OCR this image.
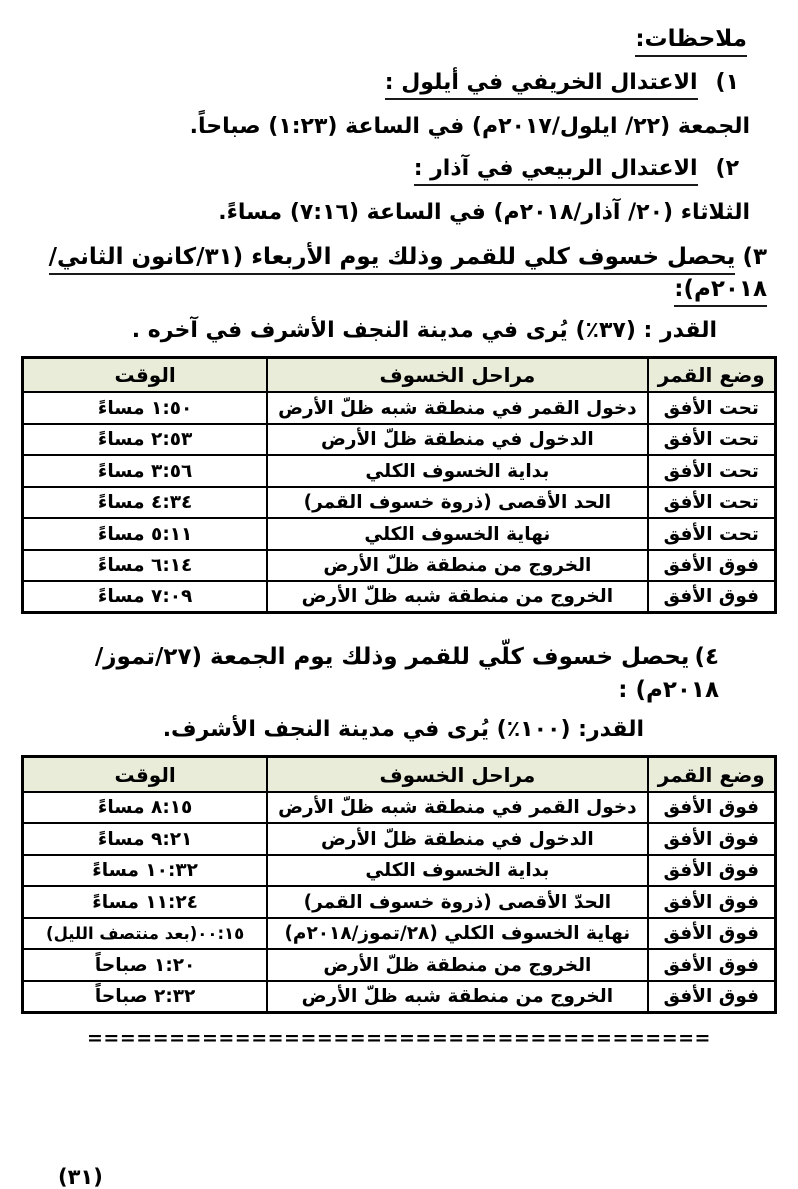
ملاحظات:
١)الاعتدال الخريفي في أيلول :
الجمعة (٢٢/ ايلول/٢٠١٧م) في الساعة (١:٢٣) صباحاً.
٢)الاعتدال الربيعي في آذار :
الثلاثاء (٢٠/ آذار/٢٠١٨م) في الساعة (٧:١٦) مساءً.
٣)يحصل خسوف كلي للقمر وذلك يوم الأربعاء (٣١/كانون الثاني/٢٠١٨م):
القدر : (٣٧٪) يُرى في مدينة النجف الأشرف في آخره .
وضع القمر	مراحل الخسوف	الوقت
تحت الأفق	دخول القمر في منطقة شبه ظلّ الأرض	١:٥٠ مساءً
تحت الأفق	الدخول في منطقة ظلّ الأرض	٢:٥٣ مساءً
تحت الأفق	بداية الخسوف الكلي	٣:٥٦ مساءً
تحت الأفق	الحد الأقصى (ذروة خسوف القمر)	٤:٣٤ مساءً
تحت الأفق	نهاية الخسوف الكلي	٥:١١ مساءً
فوق الأفق	الخروج من منطقة ظلّ الأرض	٦:١٤ مساءً
فوق الأفق	الخروج من منطقة شبه ظلّ الأرض	٧:٠٩ مساءً
٤)يحصل خسوف كلّي للقمر وذلك يوم الجمعة (٢٧/تموز/٢٠١٨م) :
القدر: (١٠٠٪) يُرى في مدينة النجف الأشرف.
وضع القمر	مراحل الخسوف	الوقت
فوق الأفق	دخول القمر في منطقة شبه ظلّ الأرض	٨:١٥ مساءً
فوق الأفق	الدخول في منطقة ظلّ الأرض	٩:٢١ مساءً
فوق الأفق	بداية الخسوف الكلي	١٠:٣٢ مساءً
فوق الأفق	الحدّ الأقصى (ذروة خسوف القمر)	١١:٢٤ مساءً
فوق الأفق	نهاية الخسوف الكلي (٢٨/تموز/٢٠١٨م)	٠٠:١٥(بعد منتصف الليل)
فوق الأفق	الخروج من منطقة ظلّ الأرض	١:٢٠ صباحاً
فوق الأفق	الخروج من منطقة شبه ظلّ الأرض	٢:٣٢ صباحاً
======================================
(٣١)
